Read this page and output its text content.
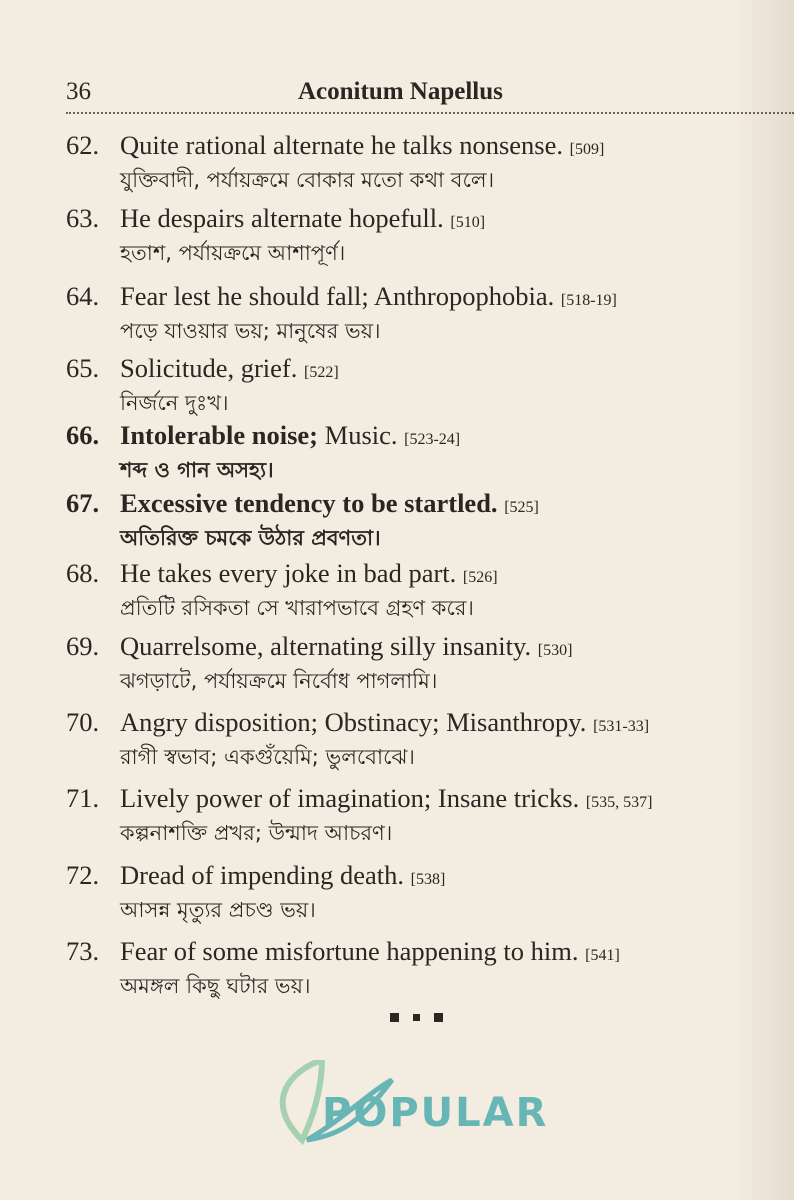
36	Aconitum Napellus
62. Quite rational alternate he talks nonsense. [509]
যুক্তিবাদী, পর্যায়ক্রমে বোকার মতো কথা বলে।
63. He despairs alternate hopefull. [510]
হতাশ, পর্যায়ক্রমে আশাপূর্ণ।
64. Fear lest he should fall; Anthropophobia. [518-19]
পড়ে যাওয়ার ভয়; মানুষের ভয়।
65. Solicitude, grief. [522]
নির্জনে দুঃখ।
66. Intolerable noise; Music. [523-24]
শব্দ ও গান অসহ্য।
67. Excessive tendency to be startled. [525]
অতিরিক্ত চমকে উঠার প্রবণতা।
68. He takes every joke in bad part. [526]
প্রতিটি রসিকতা সে খারাপভাবে গ্রহণ করে।
69. Quarrelsome, alternating silly insanity. [530]
ঝগড়াটে, পর্যায়ক্রমে নির্বোধ পাগলামি।
70. Angry disposition; Obstinacy; Misanthropy. [531-33]
রাগী স্বভাব; একগুঁয়েমি; ভুলবোঝে।
71. Lively power of imagination; Insane tricks. [535, 537]
কল্পনাশক্তি প্রখর; উন্মাদ আচরণ।
72. Dread of impending death. [538]
আসন্ন মৃত্যুর প্রচণ্ড ভয়।
73. Fear of some misfortune happening to him. [541]
অমঙ্গল কিছু ঘটার ভয়।
POPULAR
